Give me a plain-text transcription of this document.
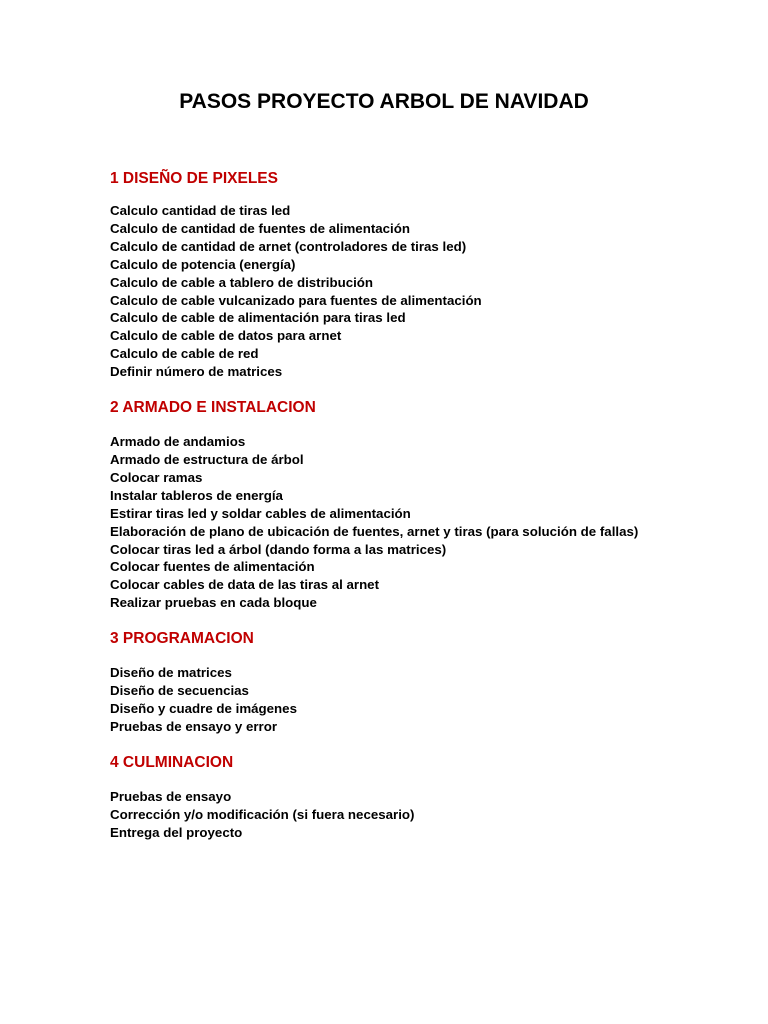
PASOS PROYECTO ARBOL DE NAVIDAD
1 DISEÑO DE PIXELES
Calculo cantidad de tiras led
Calculo de cantidad de fuentes de alimentación
Calculo de cantidad de arnet (controladores de tiras led)
Calculo de potencia (energía)
Calculo de cable a tablero de distribución
Calculo de cable vulcanizado para fuentes de alimentación
Calculo de cable de alimentación para tiras led
Calculo de cable de datos para arnet
Calculo de cable de red
Definir número de matrices
2 ARMADO E INSTALACION
Armado de andamios
Armado de estructura de árbol
Colocar ramas
Instalar tableros de energía
Estirar tiras led y soldar cables de alimentación
Elaboración de plano de ubicación de fuentes, arnet y tiras (para solución de fallas)
Colocar tiras led a árbol (dando forma a las matrices)
Colocar fuentes de alimentación
Colocar cables de data de las tiras al arnet
Realizar pruebas en cada bloque
3 PROGRAMACION
Diseño de matrices
Diseño de secuencias
Diseño y cuadre de imágenes
Pruebas de ensayo y error
4 CULMINACION
Pruebas de ensayo
Corrección y/o modificación (si fuera necesario)
Entrega del proyecto
